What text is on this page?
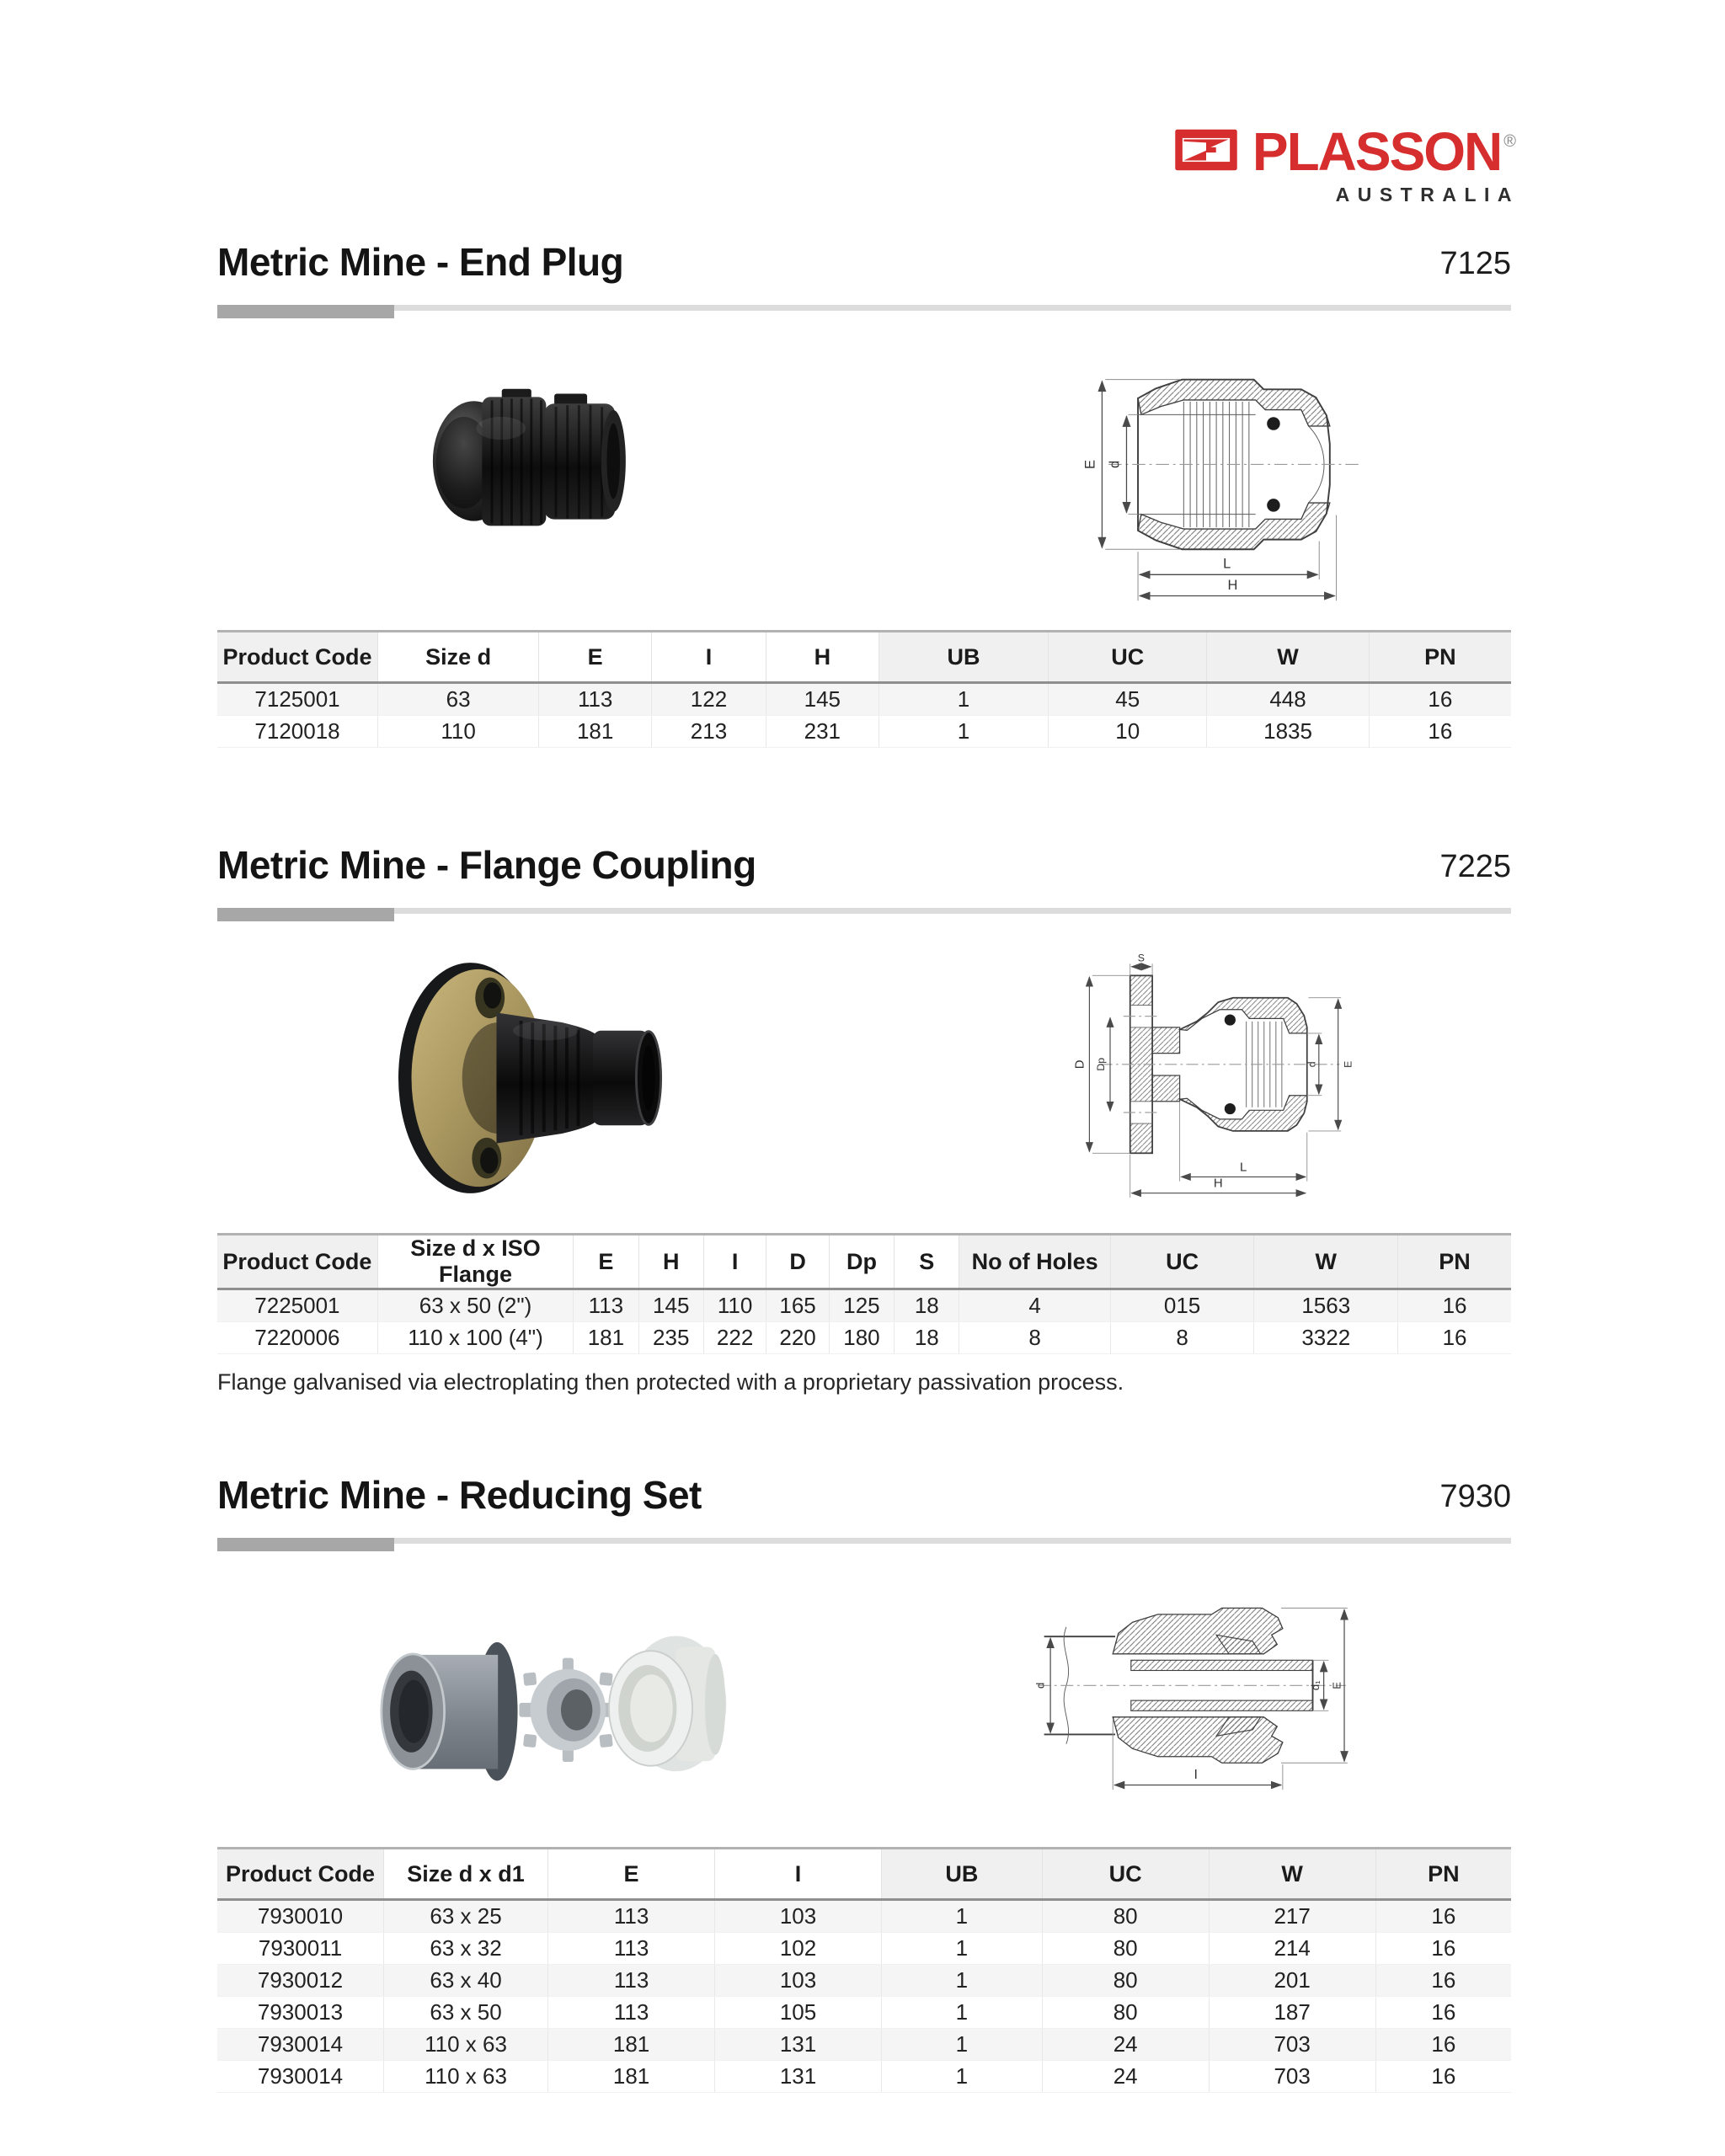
PLASSON ®
AUSTRALIA
Metric Mine - End Plug	7125
E d
L
H
Product Code	Size d	E	I	H	UB	UC	W	PN
7125001	63	113	122	145	1	45	448	16
7120018	110	181	213	231	1	10	1835	16
Metric Mine - Flange Coupling	7225
D Dp
S
d E
L
H
Product Code	Size d x ISO Flange	E	H	I	D	Dp	S	No of Holes	UC	W	PN
7225001	63 x 50 (2")	113	145	110	165	125	18	4	015	1563	16
7220006	110 x 100 (4")	181	235	222	220	180	18	8	8	3322	16
Flange galvanised via electroplating then protected with a proprietary passivation process.
Metric Mine - Reducing Set	7930
d	d₁ E
I
Product Code	Size d x d1	E	I	UB	UC	W	PN
7930010	63 x 25	113	103	1	80	217	16
7930011	63 x 32	113	102	1	80	214	16
7930012	63 x 40	113	103	1	80	201	16
7930013	63 x 50	113	105	1	80	187	16
7930014	110 x 63	181	131	1	24	703	16
7930014	110 x 63	181	131	1	24	703	16
